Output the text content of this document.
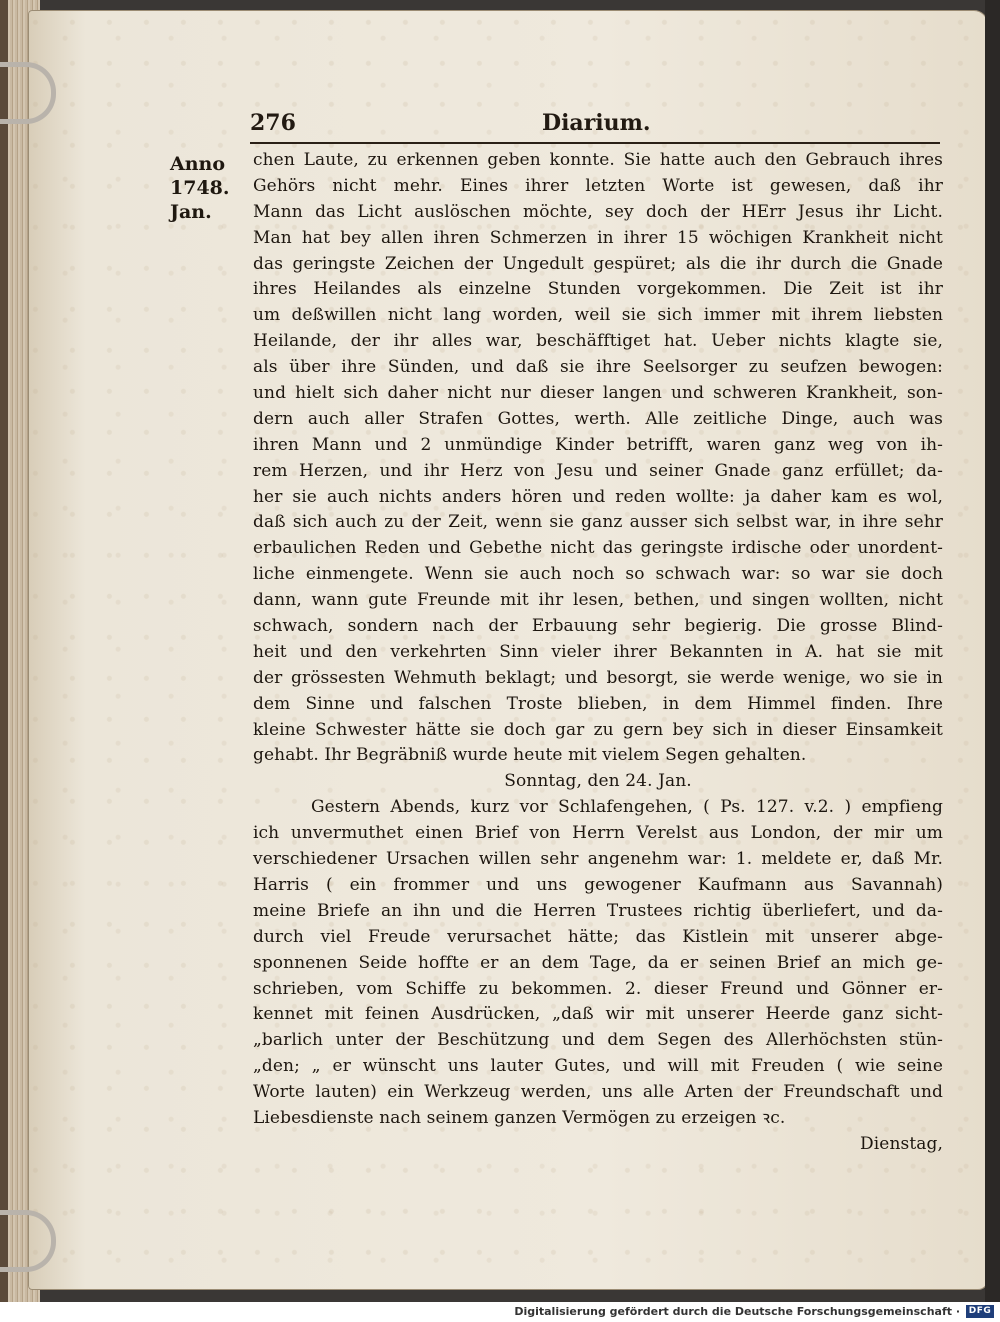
276	Diarium.
Anno
1748.
Jan.
chen Laute, zu erkennen geben konnte. Sie hatte auch den Gebrauch ihres
Gehörs nicht mehr. Eines ihrer letzten Worte ist gewesen, daß ihr
Mann das Licht auslöschen möchte, sey doch der HErr Jesus ihr Licht.
Man hat bey allen ihren Schmerzen in ihrer 15 wöchigen Krankheit nicht
das geringste Zeichen der Ungedult gespüret; als die ihr durch die Gnade
ihres Heilandes als einzelne Stunden vorgekommen. Die Zeit ist ihr
um deßwillen nicht lang worden, weil sie sich immer mit ihrem liebsten
Heilande, der ihr alles war, beschäfftiget hat. Ueber nichts klagte sie,
als über ihre Sünden, und daß sie ihre Seelsorger zu seufzen bewogen:
und hielt sich daher nicht nur dieser langen und schweren Krankheit, son-
dern auch aller Strafen Gottes, werth. Alle zeitliche Dinge, auch was
ihren Mann und 2 unmündige Kinder betrifft, waren ganz weg von ih-
rem Herzen, und ihr Herz von Jesu und seiner Gnade ganz erfüllet; da-
her sie auch nichts anders hören und reden wollte: ja daher kam es wol,
daß sich auch zu der Zeit, wenn sie ganz ausser sich selbst war, in ihre sehr
erbaulichen Reden und Gebethe nicht das geringste irdische oder unordent-
liche einmengete. Wenn sie auch noch so schwach war: so war sie doch
dann, wann gute Freunde mit ihr lesen, bethen, und singen wollten, nicht
schwach, sondern nach der Erbauung sehr begierig. Die grosse Blind-
heit und den verkehrten Sinn vieler ihrer Bekannten in A. hat sie mit
der grössesten Wehmuth beklagt; und besorgt, sie werde wenige, wo sie in
dem Sinne und falschen Troste blieben, in dem Himmel finden. Ihre
kleine Schwester hätte sie doch gar zu gern bey sich in dieser Einsamkeit
gehabt. Ihr Begräbniß wurde heute mit vielem Segen gehalten.
Sonntag, den 24. Jan.
Gestern Abends, kurz vor Schlafengehen, ( Ps. 127. v.2. ) empfieng
ich unvermuthet einen Brief von Herrn Verelst aus London, der mir um
verschiedener Ursachen willen sehr angenehm war: 1. meldete er, daß Mr.
Harris ( ein frommer und uns gewogener Kaufmann aus Savannah)
meine Briefe an ihn und die Herren Trustees richtig überliefert, und da-
durch viel Freude verursachet hätte; das Kistlein mit unserer abge-
sponnenen Seide hoffte er an dem Tage, da er seinen Brief an mich ge-
schrieben, vom Schiffe zu bekommen. 2. dieser Freund und Gönner er-
kennet mit feinen Ausdrücken, „daß wir mit unserer Heerde ganz sicht-
„barlich unter der Beschützung und dem Segen des Allerhöchsten stün-
„den; „ er wünscht uns lauter Gutes, und will mit Freuden ( wie seine
Worte lauten) ein Werkzeug werden, uns alle Arten der Freundschaft und
Liebesdienste nach seinem ganzen Vermögen zu erzeigen ꝛc.
Dienstag,
Digitalisierung gefördert durch die Deutsche Forschungsgemeinschaft · DFG
